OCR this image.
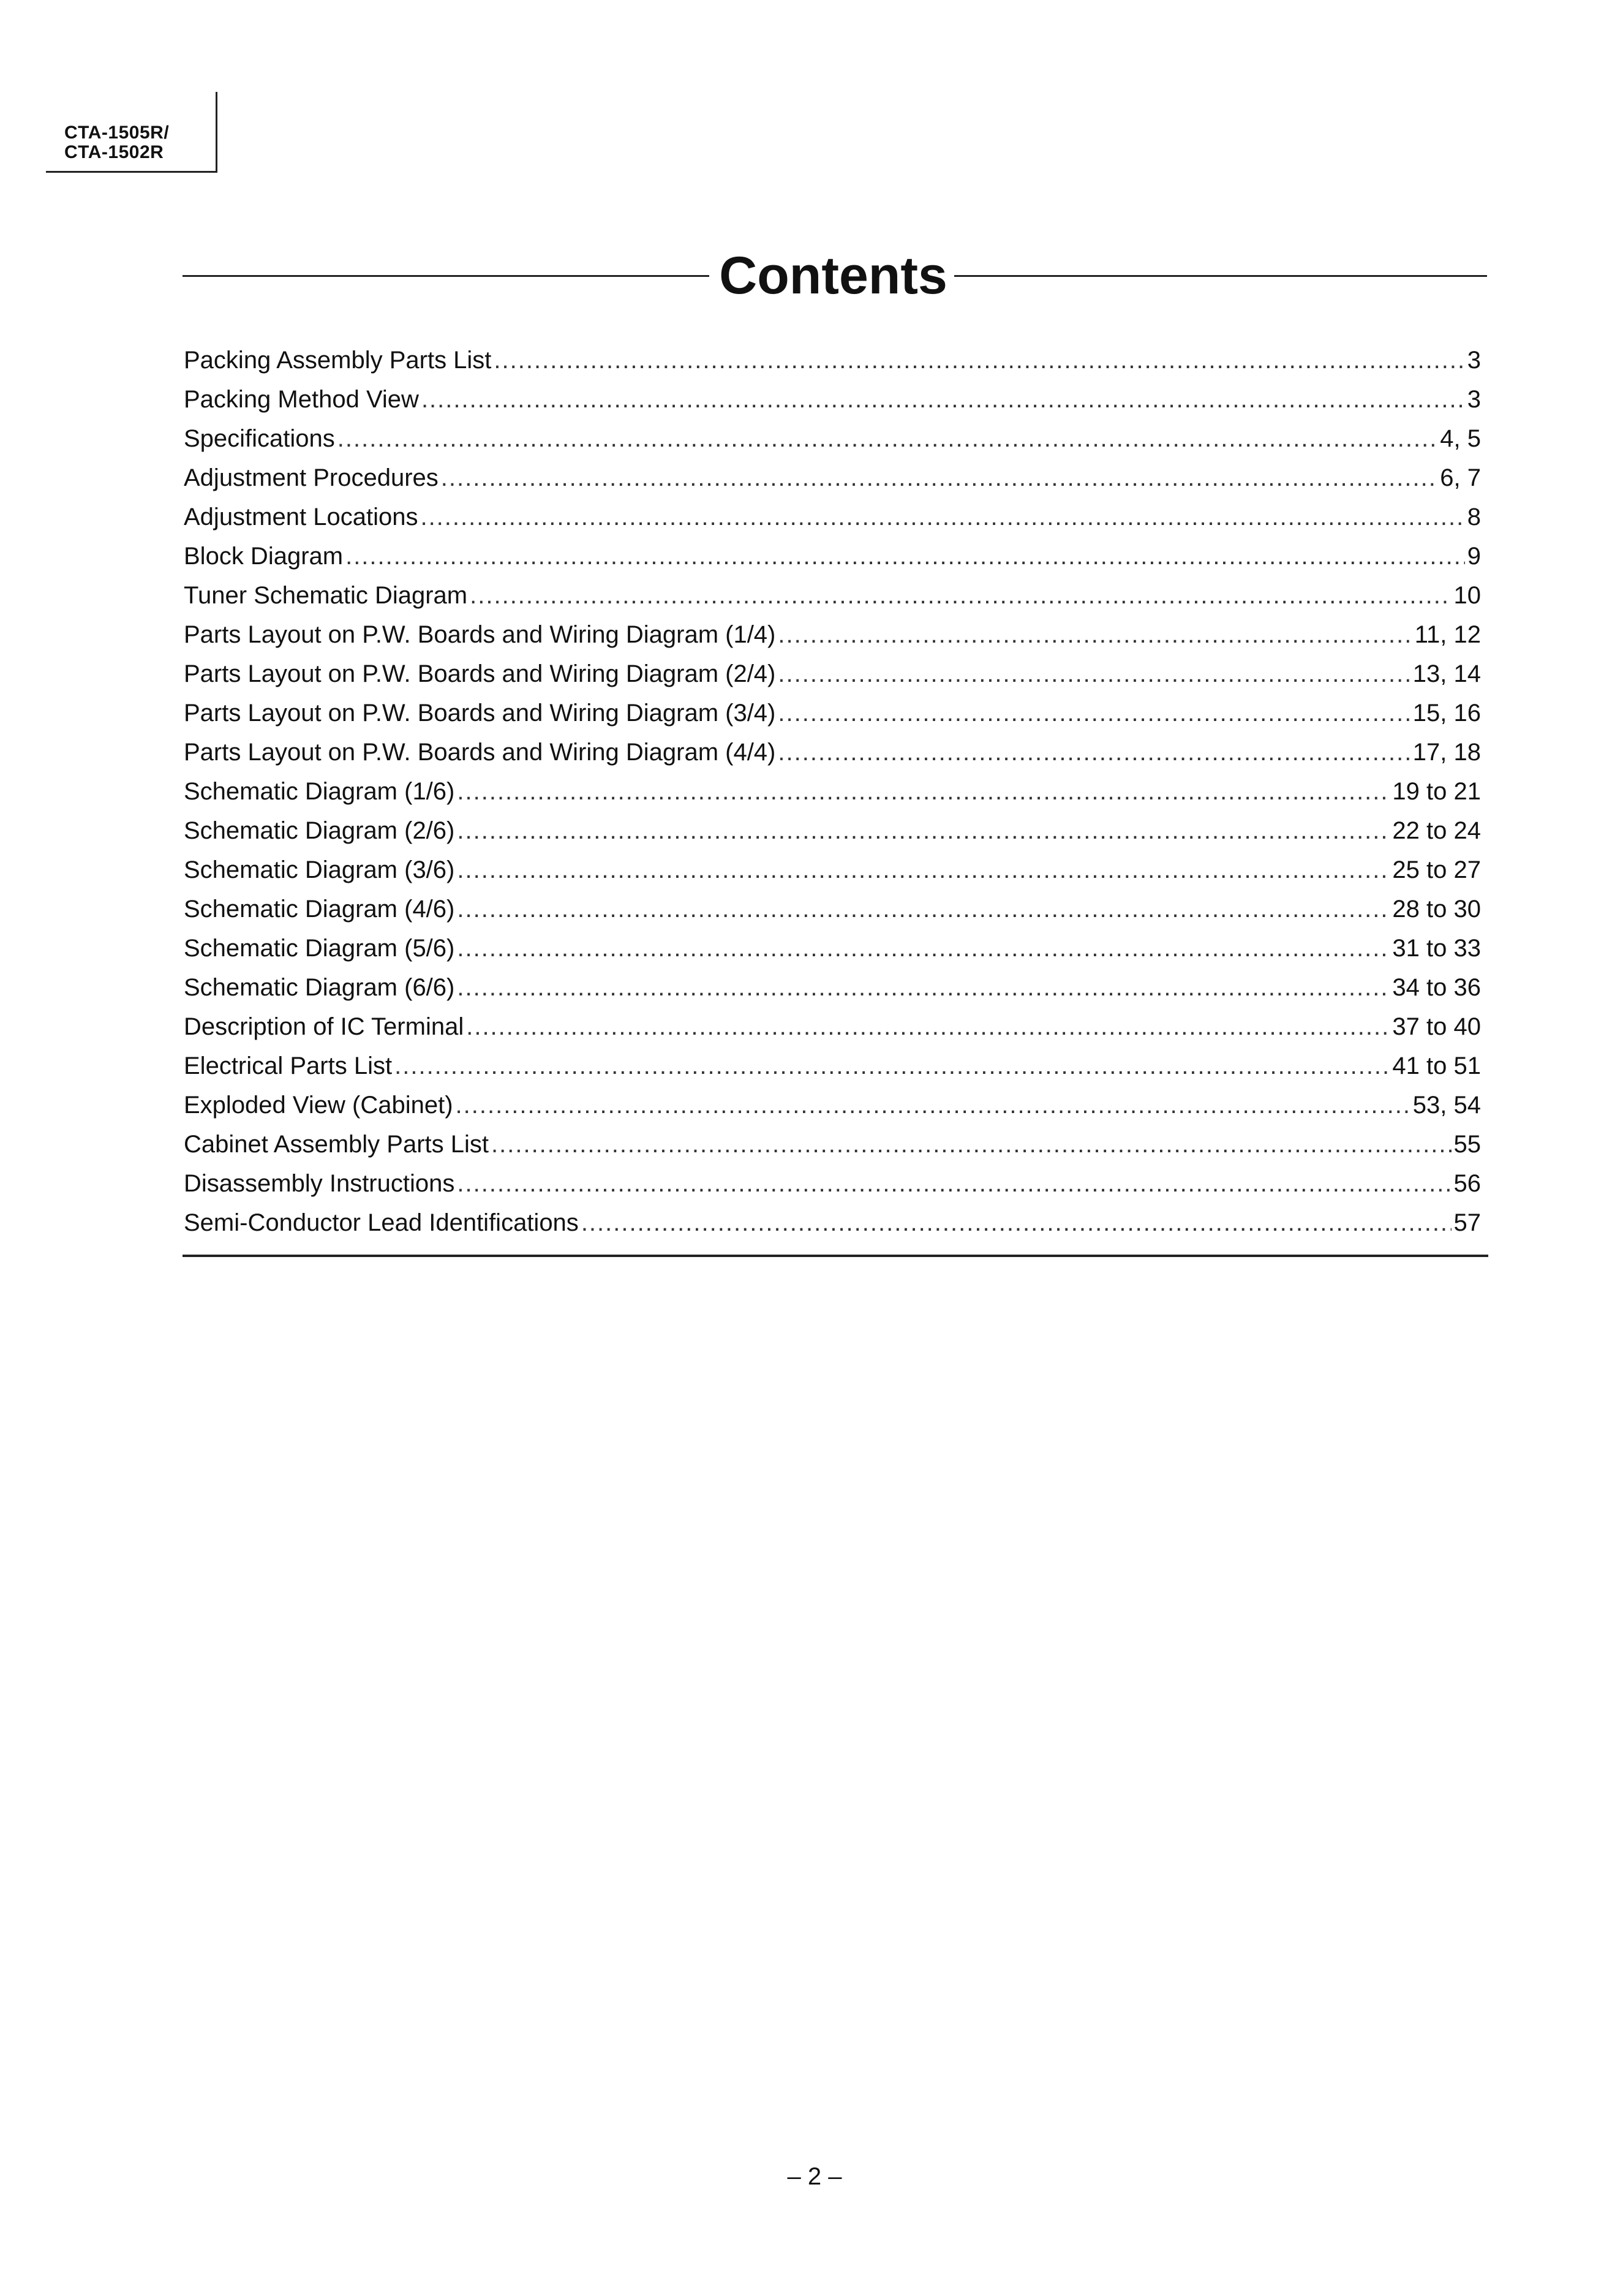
CTA-1505R/
CTA-1502R
Contents
Packing Assembly Parts List .....	3
Packing Method View .....	3
Specifications .....	4, 5
Adjustment Procedures .....	6, 7
Adjustment Locations .....	8
Block Diagram .....	9
Tuner Schematic Diagram .....	10
Parts Layout on P.W. Boards and Wiring Diagram (1/4) .....	11, 12
Parts Layout on P.W. Boards and Wiring Diagram (2/4) .....	13, 14
Parts Layout on P.W. Boards and Wiring Diagram (3/4) .....	15, 16
Parts Layout on P.W. Boards and Wiring Diagram (4/4) .....	17, 18
Schematic Diagram (1/6) .....	19 to 21
Schematic Diagram (2/6) .....	22 to 24
Schematic Diagram (3/6) .....	25 to 27
Schematic Diagram (4/6) .....	28 to 30
Schematic Diagram (5/6) .....	31 to 33
Schematic Diagram (6/6) .....	34 to 36
Description of IC Terminal .....	37 to 40
Electrical Parts List .....	41 to 51
Exploded View (Cabinet) .....	53, 54
Cabinet Assembly Parts List .....	55
Disassembly Instructions .....	56
Semi-Conductor Lead Identifications .....	57
– 2 –
